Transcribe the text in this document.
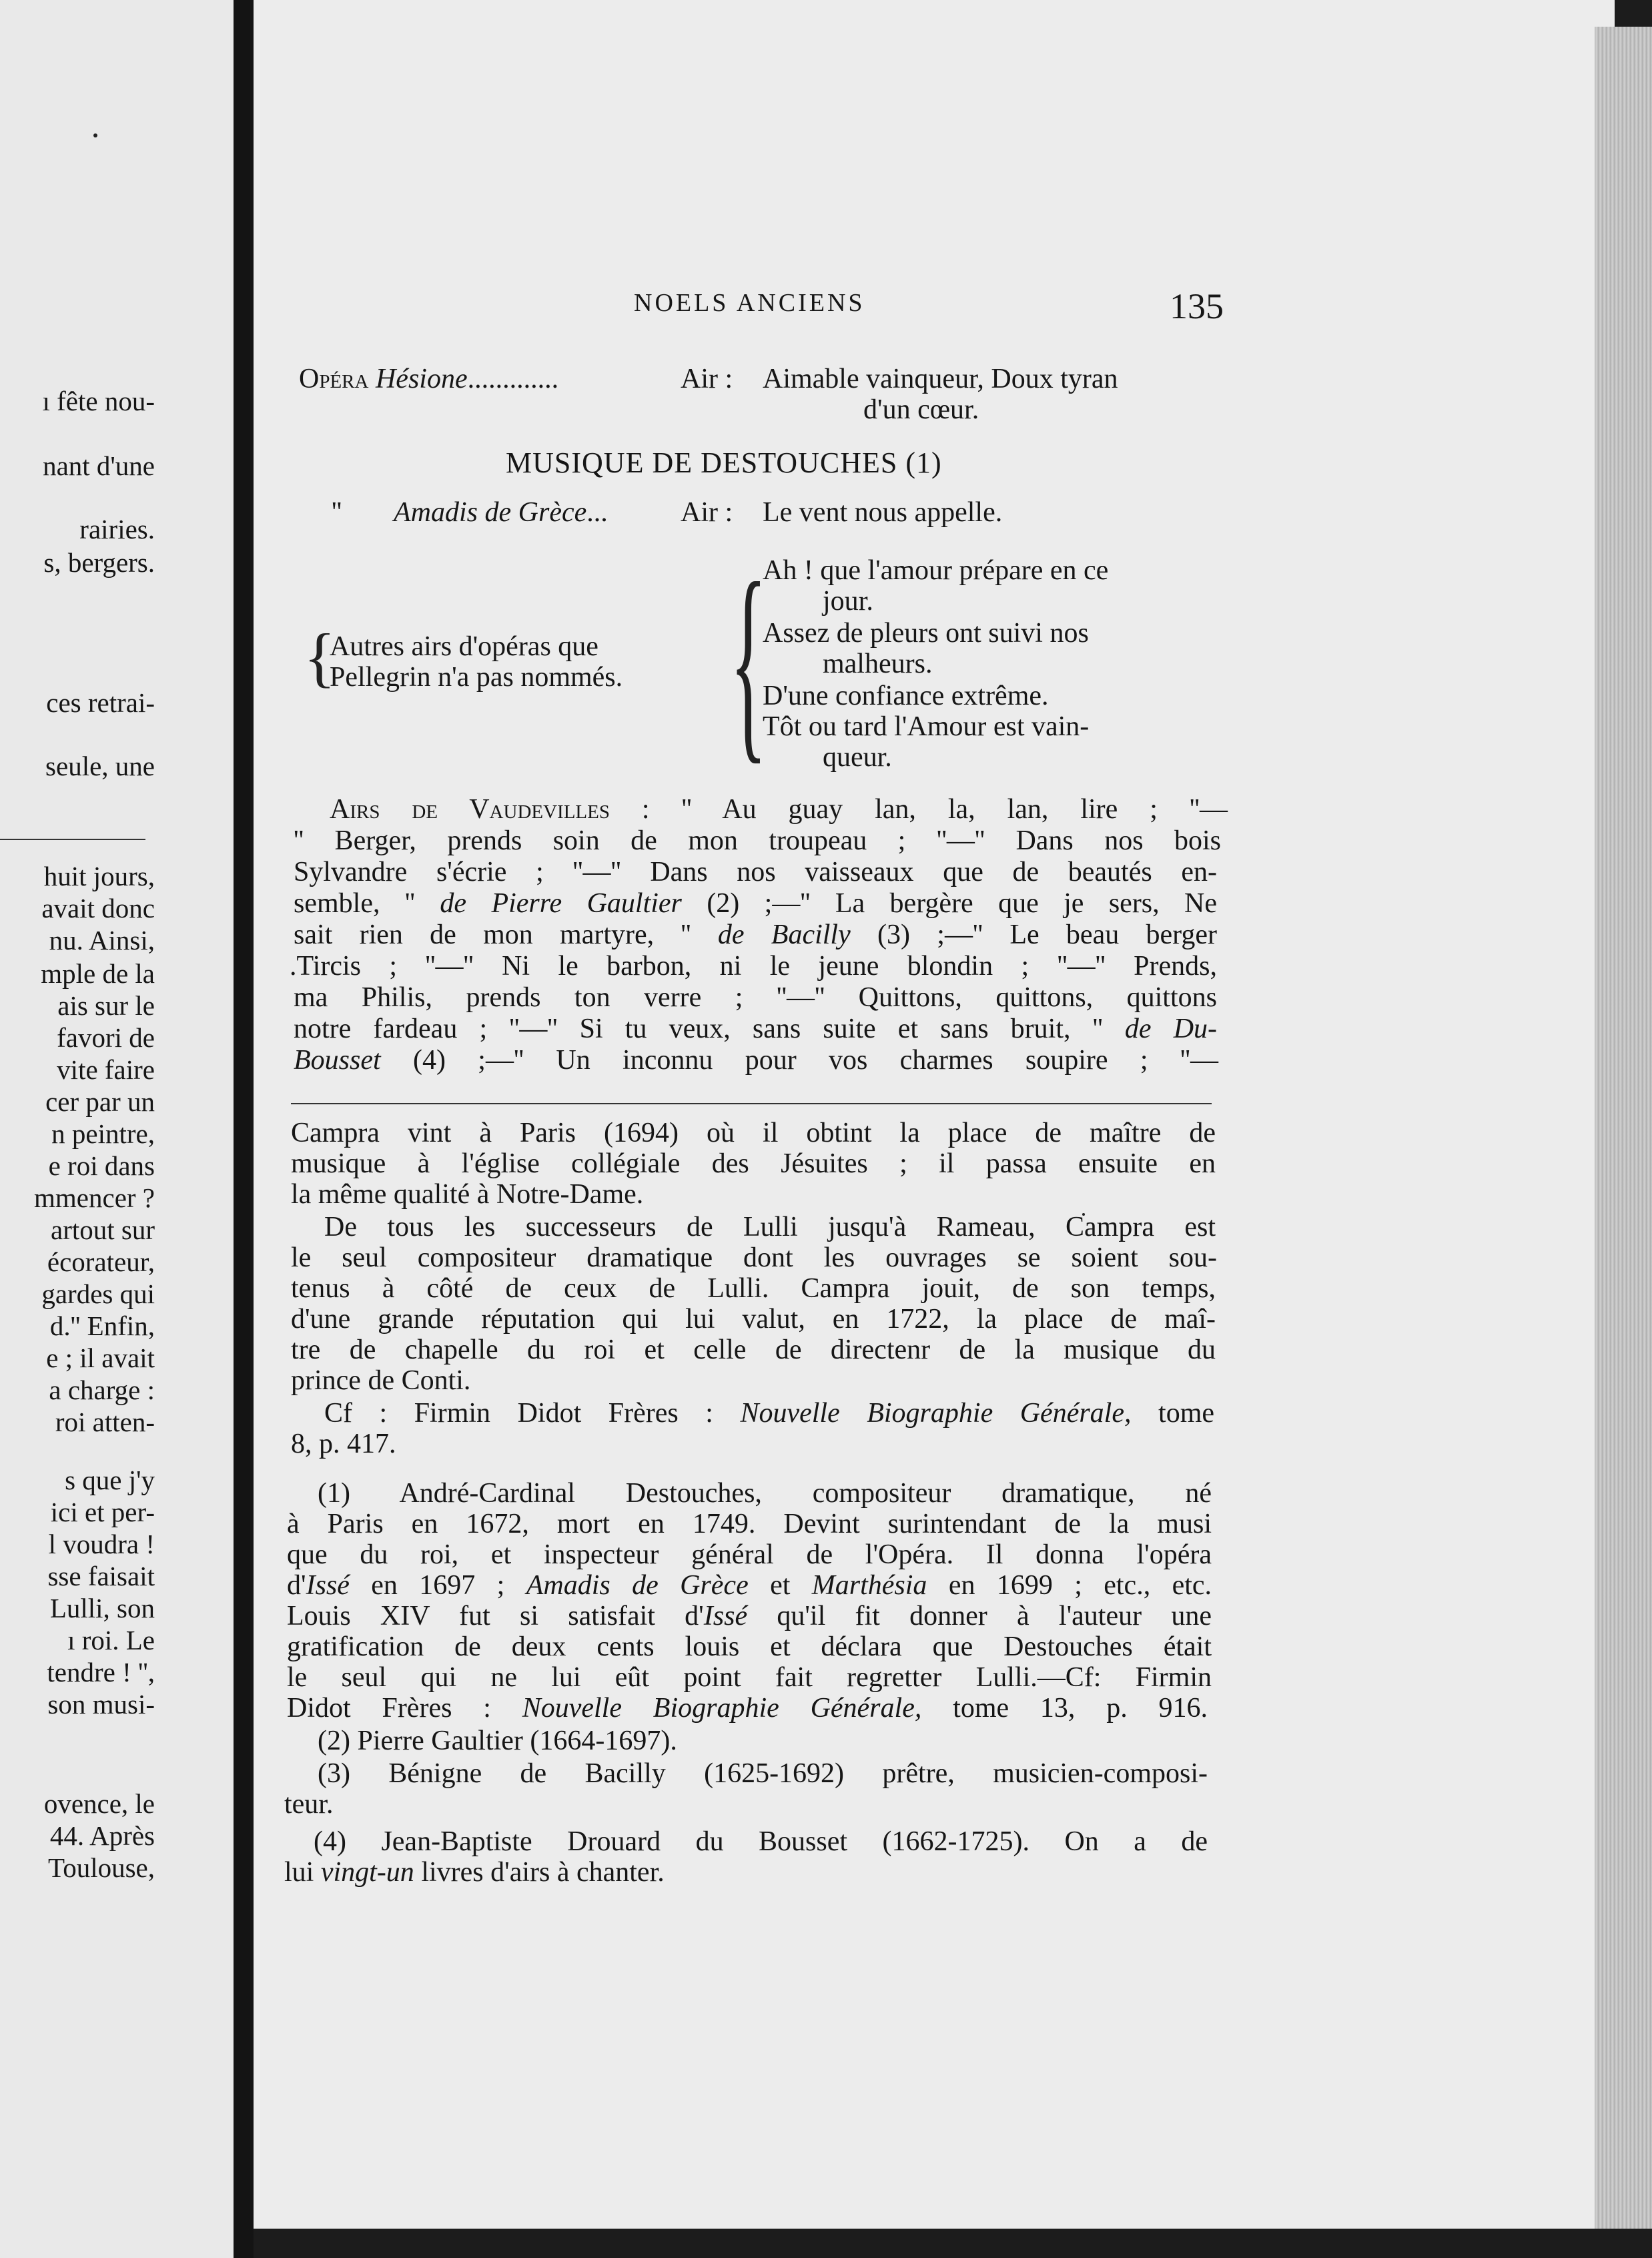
ı fête nou-
nant d'une
rairies.
s, bergers.
ces retrai-
seule, une
huit jours,
avait donc
nu. Ainsi,
mple de la
ais sur le
favori de
vite faire
cer par un
n peintre,
e roi dans
mmencer ?
artout sur
écorateur,
gardes qui
d.'' Enfin,
e ; il avait
a charge :
roi atten-
s que j'y
ici et per-
l voudra !
sse faisait
Lulli, son
ı roi. Le
tendre ! '',
son musi-
ovence, le
44. Après
Toulouse,
NOELS ANCIENS	135
Opéra Hésione.............	Air : Aimable vainqueur, Doux tyran
d'un cœur.
MUSIQUE DE DESTOUCHES (1)
'' Amadis de Grèce...	Air : Le vent nous appelle.
{
Autres airs d'opéras que
Pellegrin n'a pas nommés. {
Ah ! que l'amour prépare en ce
jour.
Assez de pleurs ont suivi nos
malheurs.
D'une confiance extrême.
Tôt ou tard l'Amour est vain-
queur.
Airs de Vaudevilles : '' Au guay lan, la, lan, lire ; ''—
'' Berger, prends soin de mon troupeau ; ''—'' Dans nos bois
Sylvandre s'écrie ; ''—'' Dans nos vaisseaux que de beautés en-
semble, '' de Pierre Gaultier (2) ;—'' La bergère que je sers, Ne
sait rien de mon martyre, '' de Bacilly (3) ;—'' Le beau berger
.Tircis ; ''—'' Ni le barbon, ni le jeune blondin ; ''—'' Prends,
ma Philis, prends ton verre ; ''—'' Quittons, quittons, quittons
notre fardeau ; ''—'' Si tu veux, sans suite et sans bruit, '' de Du-
Bousset (4) ;—'' Un inconnu pour vos charmes soupire ; ''—
Campra vint à Paris (1694) où il obtint la place de maître de
musique à l'église collégiale des Jésuites ; il passa ensuite en
la même qualité à Notre-Dame.
De tous les successeurs de Lulli jusqu'à Rameau, Campra est
le seul compositeur dramatique dont les ouvrages se soient sou-
tenus à côté de ceux de Lulli. Campra jouit, de son temps,
d'une grande réputation qui lui valut, en 1722, la place de maî-
tre de chapelle du roi et celle de directenr de la musique du
prince de Conti.
Cf : Firmin Didot Frères : Nouvelle Biographie Générale, tome
8, p. 417.
(1) André-Cardinal Destouches, compositeur dramatique, né
à Paris en 1672, mort en 1749. Devint surintendant de la musi
que du roi, et inspecteur général de l'Opéra. Il donna l'opéra
d'Issé en 1697 ; Amadis de Grèce et Marthésia en 1699 ; etc., etc.
Louis XIV fut si satisfait d'Issé qu'il fit donner à l'auteur une
gratification de deux cents louis et déclara que Destouches était
le seul qui ne lui eût point fait regretter Lulli.—Cf: Firmin
Didot Frères : Nouvelle Biographie Générale, tome 13, p. 916.
(2) Pierre Gaultier (1664-1697).
(3) Bénigne de Bacilly (1625-1692) prêtre, musicien-composi-
teur.
(4) Jean-Baptiste Drouard du Bousset (1662-1725). On a de
lui vingt-un livres d'airs à chanter.
